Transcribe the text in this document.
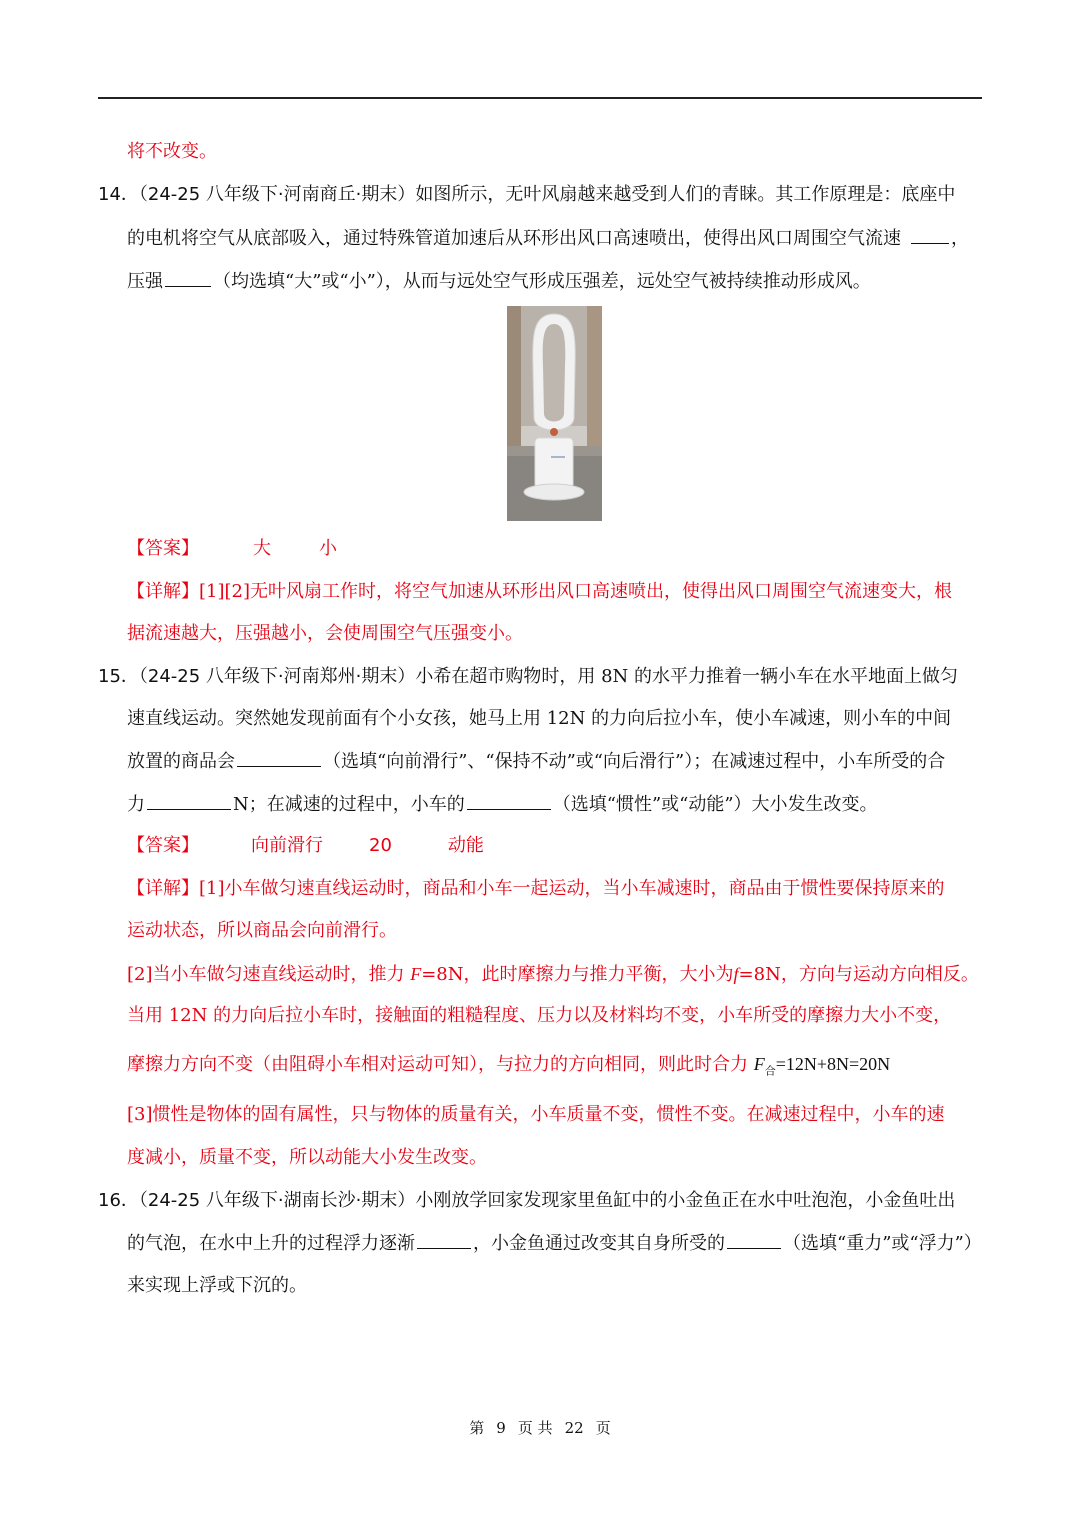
将不改变。
14．（24-25 八年级下·河南商丘·期末）如图所示，无叶风扇越来越受到人们的青睐。其工作原理是：底座中
的电机将空气从底部吸入，通过特殊管道加速后从环形出风口高速喷出，使得出风口周围空气流速	，
压强	（均选填“大”或“小”），从而与远处空气形成压强差，远处空气被持续推动形成风。
【答案】	大	小
【详解】[1][2]无叶风扇工作时，将空气加速从环形出风口高速喷出，使得出风口周围空气流速变大，根
据流速越大，压强越小，会使周围空气压强变小。
15．（24-25 八年级下·河南郑州·期末）小希在超市购物时，用 8N 的水平力推着一辆小车在水平地面上做匀
速直线运动。突然她发现前面有个小女孩，她马上用 12N 的力向后拉小车，使小车减速，则小车的中间
放置的商品会	（选填“向前滑行”、“保持不动”或“向后滑行”）；在减速过程中，小车所受的合
力	N；在减速的过程中，小车的	（选填“惯性”或“动能”）大小发生改变。
【答案】	向前滑行	20	动能
【详解】[1]小车做匀速直线运动时，商品和小车一起运动，当小车减速时，商品由于惯性要保持原来的
运动状态，所以商品会向前滑行。
[2]当小车做匀速直线运动时，推力 F=8N，此时摩擦力与推力平衡，大小为f=8N，方向与运动方向相反。
当用 12N 的力向后拉小车时，接触面的粗糙程度、压力以及材料均不变，小车所受的摩擦力大小不变，
摩擦力方向不变（由阻碍小车相对运动可知），与拉力的方向相同，则此时合力 $F_合=12N+8N=20N$
[3]惯性是物体的固有属性，只与物体的质量有关，小车质量不变，惯性不变。在减速过程中，小车的速
度减小，质量不变，所以动能大小发生改变。
16．（24-25 八年级下·湖南长沙·期末）小刚放学回家发现家里鱼缸中的小金鱼正在水中吐泡泡，小金鱼吐出
的气泡，在水中上升的过程浮力逐渐	，小金鱼通过改变其自身所受的	（选填“重力”或“浮力”）
来实现上浮或下沉的。
第 9 页 共 22 页
